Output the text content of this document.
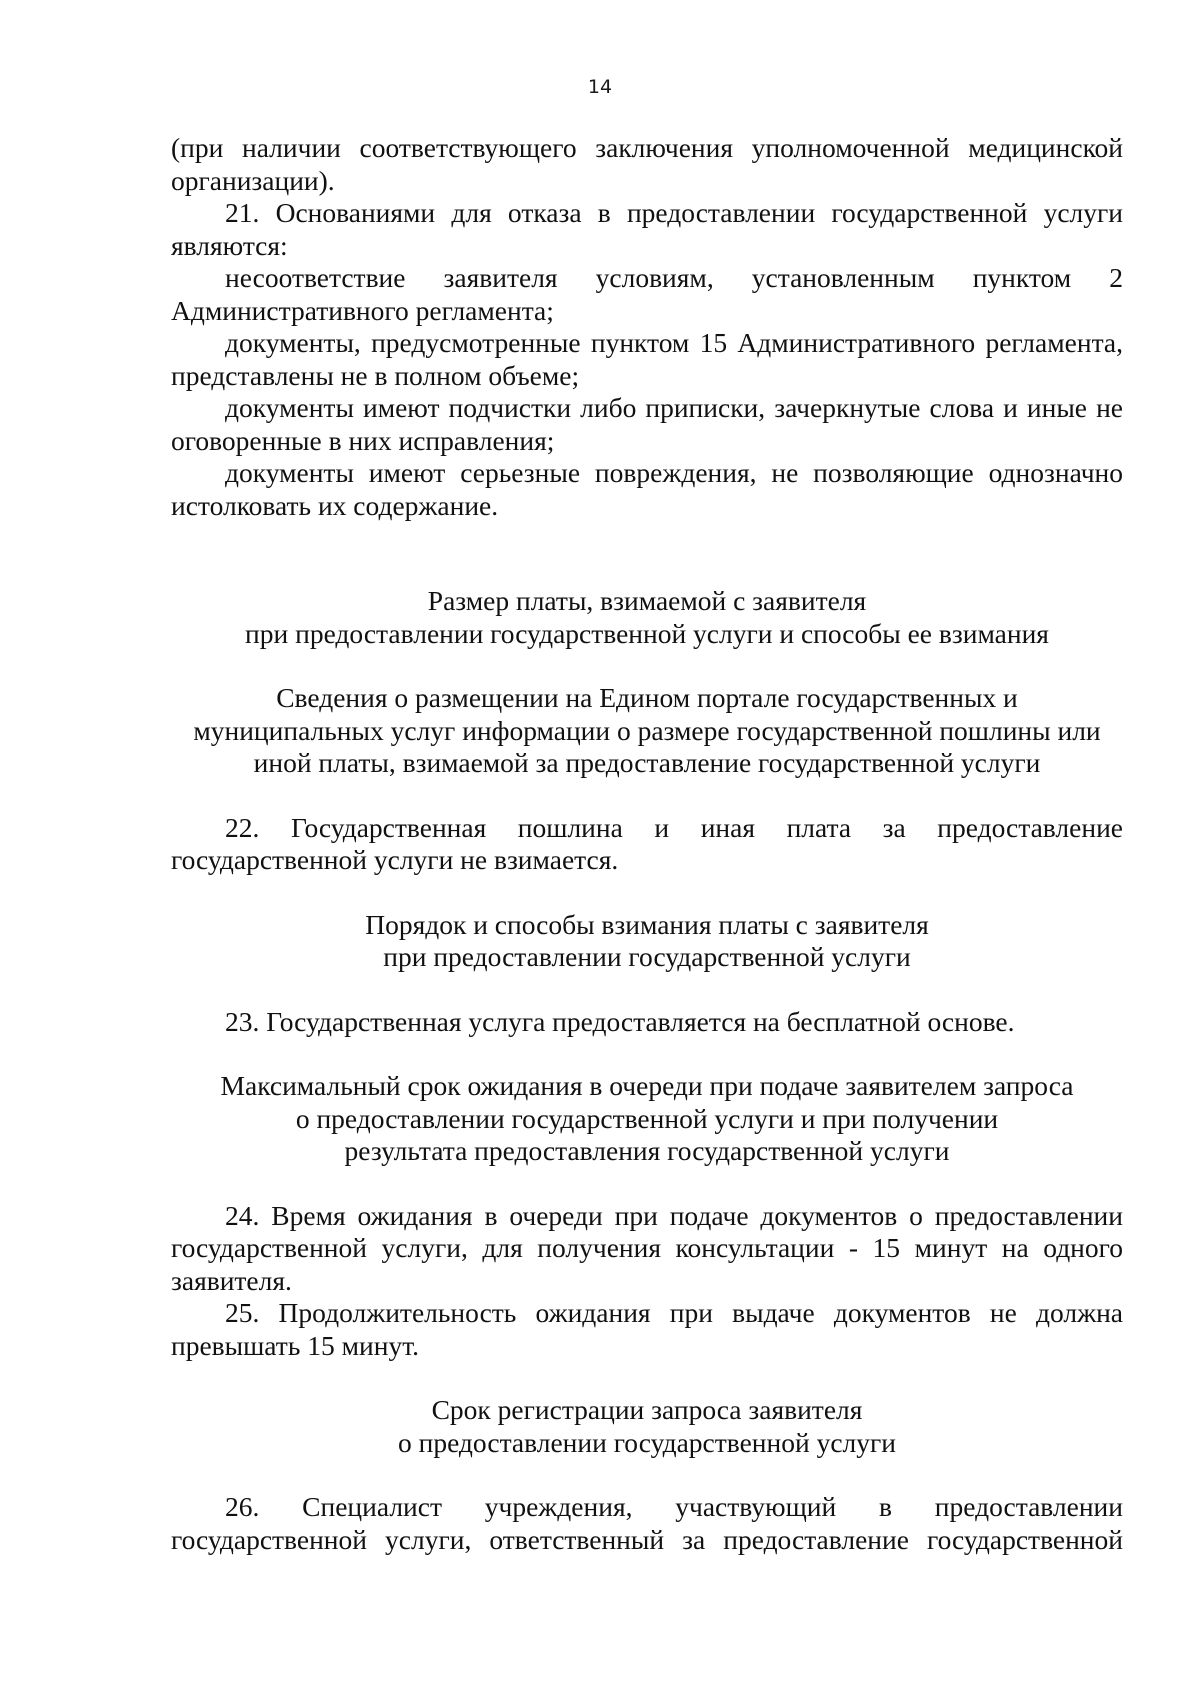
14

(при наличии соответствующего заключения уполномоченной медицинской организации).

21. Основаниями для отказа в предоставлении государственной услуги являются:

несоответствие заявителя условиям, установленным пунктом 2 Административного регламента;

документы, предусмотренные пунктом 15 Административного регламента, представлены не в полном объеме;

документы имеют подчистки либо приписки, зачеркнутые слова и иные не оговоренные в них исправления;

документы имеют серьезные повреждения, не позволяющие однозначно истолковать их содержание.

Размер платы, взимаемой с заявителя
при предоставлении государственной услуги и способы ее взимания
Сведения о размещении на Едином портале государственных и
муниципальных услуг информации о размере государственной пошлины или
иной платы, взимаемой за предоставление государственной услуги

22. Государственная пошлина и иная плата за предоставление государственной услуги не взимается.

Порядок и способы взимания платы с заявителя
при предоставлении государственной услуги

23. Государственная услуга предоставляется на бесплатной основе.

Максимальный срок ожидания в очереди при подаче заявителем запроса
о предоставлении государственной услуги и при получении
результата предоставления государственной услуги

24. Время ожидания в очереди при подаче документов о предоставлении государственной услуги, для получения консультации - 15 минут на одного заявителя.

25. Продолжительность ожидания при выдаче документов не должна превышать 15 минут.

Срок регистрации запроса заявителя
о предоставлении государственной услуги

26. Специалист учреждения, участвующий в предоставлении государственной услуги, ответственный за предоставление государственной
